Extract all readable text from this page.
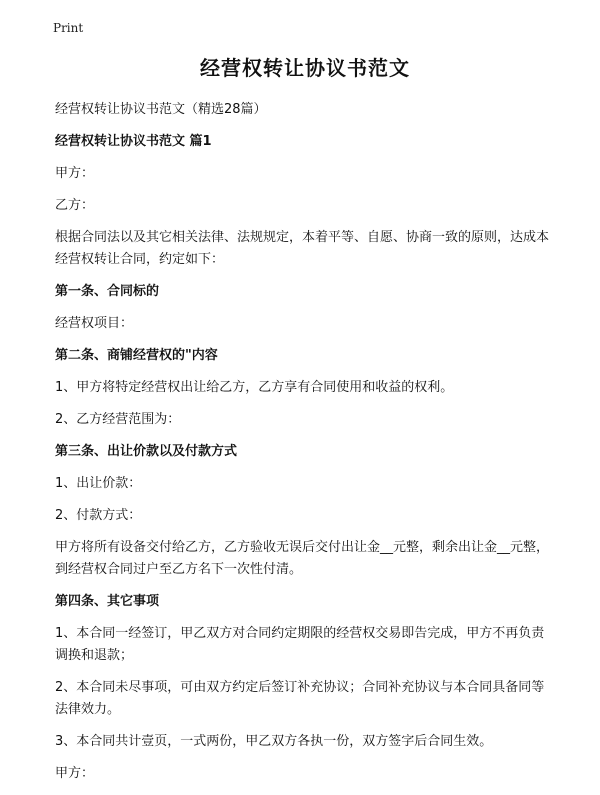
Print
经营权转让协议书范文
经营权转让协议书范文（精选28篇）
经营权转让协议书范文 篇1
甲方：
乙方：
根据合同法以及其它相关法律、法规规定，本着平等、自愿、协商一致的原则，达成本经营权转让合同，约定如下：
第一条、合同标的
经营权项目：
第二条、商铺经营权的"内容
1、甲方将特定经营权出让给乙方，乙方享有合同使用和收益的权利。
2、乙方经营范围为：
第三条、出让价款以及付款方式
1、出让价款：
2、付款方式：
甲方将所有设备交付给乙方，乙方验收无误后交付出让金__元整，剩余出让金__元整，到经营权合同过户至乙方名下一次性付清。
第四条、其它事项
1、本合同一经签订，甲乙双方对合同约定期限的经营权交易即告完成，甲方不再负责调换和退款；
2、本合同未尽事项，可由双方约定后签订补充协议；合同补充协议与本合同具备同等法律效力。
3、本合同共计壹页，一式两份，甲乙双方各执一份，双方签字后合同生效。
甲方：
